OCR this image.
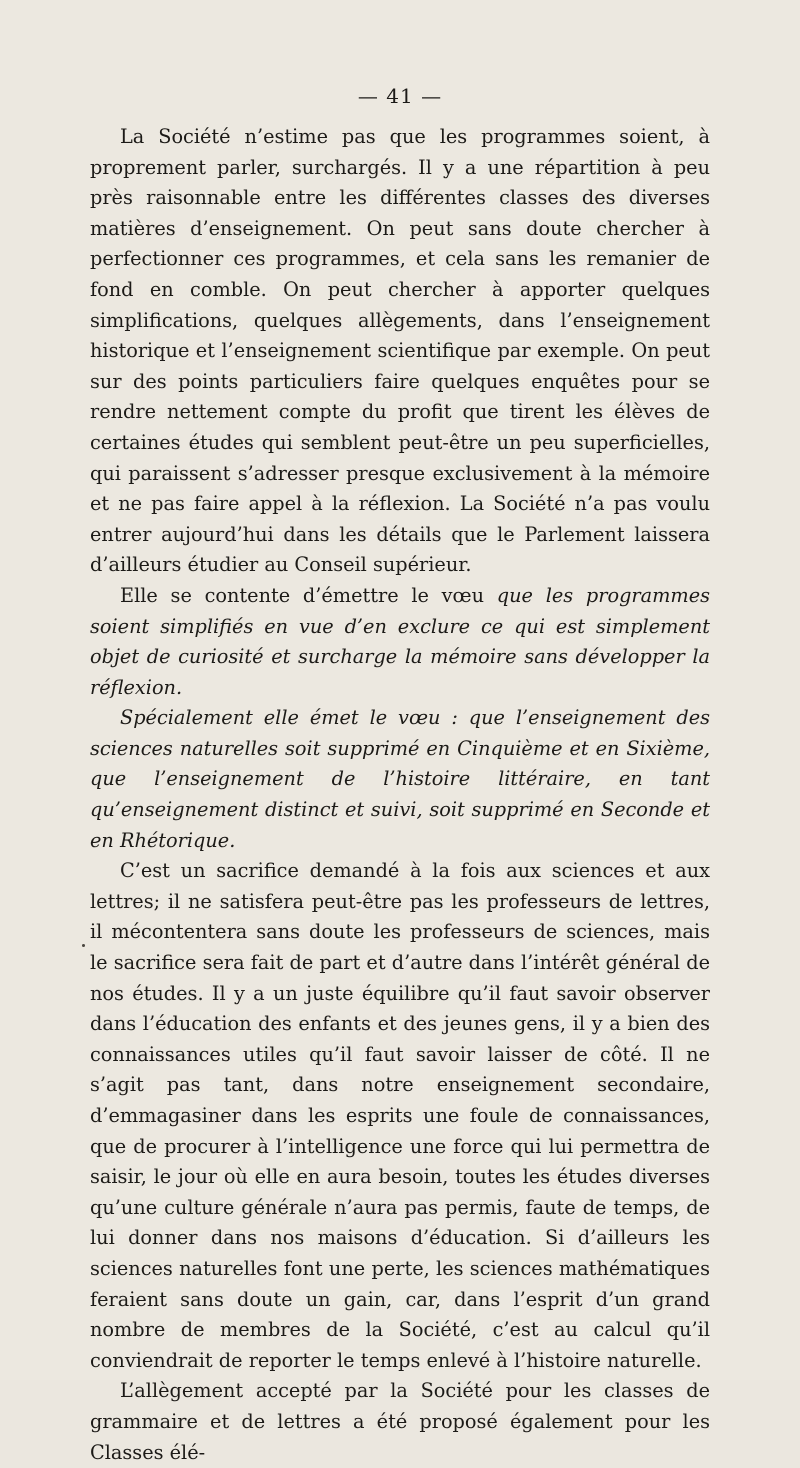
— 41 —

La Société n’estime pas que les programmes soient, à proprement parler, surchargés. Il y a une répartition à peu près raisonnable entre les différentes classes des diverses matières d’enseignement. On peut sans doute chercher à perfectionner ces programmes, et cela sans les remanier de fond en comble. On peut chercher à apporter quelques simplifications, quelques allègements, dans l’enseignement historique et l’enseignement scientifique par exemple. On peut sur des points particuliers faire quelques enquêtes pour se rendre nettement compte du profit que tirent les élèves de certaines études qui semblent peut-être un peu superficielles, qui paraissent s’adresser presque exclusivement à la mémoire et ne pas faire appel à la réflexion. La Société n’a pas voulu entrer aujourd’hui dans les détails que le Parlement laissera d’ailleurs étudier au Conseil supérieur.

Elle se contente d’émettre le vœu que les programmes soient simplifiés en vue d’en exclure ce qui est simplement objet de curiosité et surcharge la mémoire sans développer la réflexion.

Spécialement elle émet le vœu : que l’enseignement des sciences naturelles soit supprimé en Cinquième et en Sixième, que l’enseignement de l’histoire littéraire, en tant qu’enseignement distinct et suivi, soit supprimé en Seconde et en Rhétorique.

C’est un sacrifice demandé à la fois aux sciences et aux lettres; il ne satisfera peut-être pas les professeurs de lettres, il mécontentera sans doute les professeurs de sciences, mais le sacrifice sera fait de part et d’autre dans l’intérêt général de nos études. Il y a un juste équilibre qu’il faut savoir observer dans l’éducation des enfants et des jeunes gens, il y a bien des connaissances utiles qu’il faut savoir laisser de côté. Il ne s’agit pas tant, dans notre enseignement secondaire, d’emmagasiner dans les esprits une foule de connaissances, que de procurer à l’intelligence une force qui lui permettra de saisir, le jour où elle en aura besoin, toutes les études diverses qu’une culture générale n’aura pas permis, faute de temps, de lui donner dans nos maisons d’éducation. Si d’ailleurs les sciences naturelles font une perte, les sciences mathématiques feraient sans doute un gain, car, dans l’esprit d’un grand nombre de membres de la Société, c’est au calcul qu’il conviendrait de reporter le temps enlevé à l’histoire naturelle.

L’allègement accepté par la Société pour les classes de grammaire et de lettres a été proposé également pour les Classes élé-
